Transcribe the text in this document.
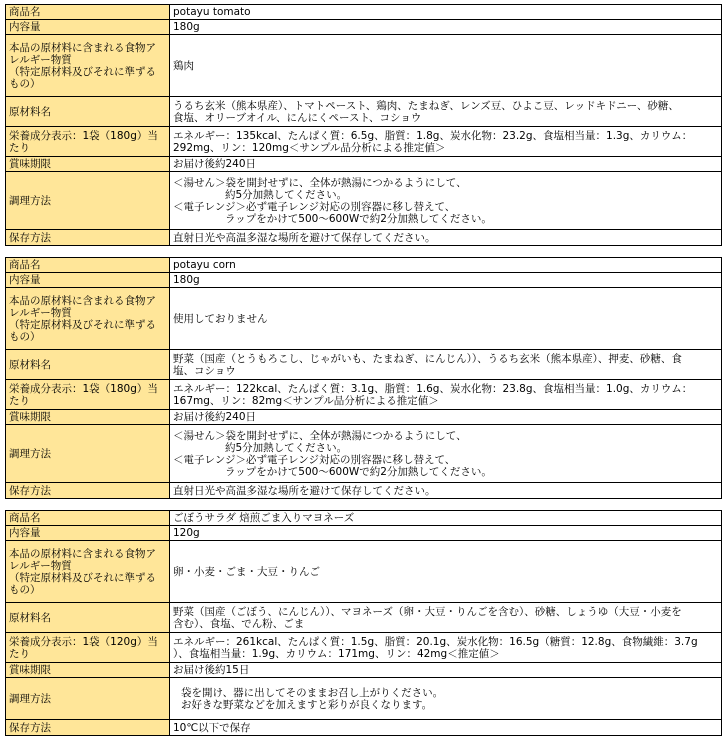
商品名	potayu tomato
内容量	180g

本品の原材料に含まれる食物ア
レルギー物質
（特定原材料及びそれに準ずる
もの）	鶏肉
原材料名	うるち玄米（熊本県産）、トマトペースト、鶏肉、たまねぎ、レンズ豆、ひよこ豆、レッドキドニー、砂糖、
食塩、オリーブオイル、にんにくペースト、コショウ

栄養成分表示：1袋（180g）当
たり	エネルギー：135kcal、たんぱく質：6.5g、脂質：1.8g、炭水化物：23.2g、食塩相当量：1.3g、カリウム：
292mg、リン：120mg＜サンプル品分析による推定値＞

賞味期限	お届け後約240日
調理方法	＜湯せん＞袋を開封せずに、全体が熱湯につかるようにして、
約5分加熱してください。
＜電子レンジ＞必ず電子レンジ対応の別容器に移し替えて、
ラップをかけて500～600Wで約2分加熱してください。

保存方法	直射日光や高温多湿な場所を避けて保存してください。
商品名	potayu corn
内容量	180g

本品の原材料に含まれる食物ア
レルギー物質
（特定原材料及びそれに準ずる
もの）	使用しておりません
原材料名	野菜（国産（とうもろこし、じゃがいも、たまねぎ、にんじん））、うるち玄米（熊本県産）、押麦、砂糖、食
塩、コショウ

栄養成分表示：1袋（180g）当
たり	エネルギー：122kcal、たんぱく質：3.1g、脂質：1.6g、炭水化物：23.8g、食塩相当量：1.0g、カリウム：
167mg、リン：82mg＜サンプル品分析による推定値＞

賞味期限	お届け後約240日
調理方法	＜湯せん＞袋を開封せずに、全体が熱湯につかるようにして、
約5分加熱してください。
＜電子レンジ＞必ず電子レンジ対応の別容器に移し替えて、
ラップをかけて500～600Wで約2分加熱してください。

保存方法	直射日光や高温多湿な場所を避けて保存してください。
商品名	ごぼうサラダ 焙煎ごま入りマヨネーズ
内容量	120g

本品の原材料に含まれる食物ア
レルギー物質
（特定原材料及びそれに準ずる
もの）	卵・小麦・ごま・大豆・りんご
原材料名	野菜（国産（ごぼう、にんじん））、マヨネーズ（卵・大豆・りんごを含む）、砂糖、しょうゆ（大豆・小麦を
含む）、食塩、でん粉、ごま

栄養成分表示：1袋（120g）当
たり	エネルギー：261kcal、たんぱく質：1.5g、脂質：20.1g、炭水化物：16.5g（糖質：12.8g、食物繊維：3.7g
）、食塩相当量：1.9g、カリウム：171mg、リン：42mg＜推定値＞

賞味期限	お届け後約15日
調理方法	袋を開け、器に出してそのままお召し上がりください。
お好きな野菜などを加えますと彩りが良くなります。

保存方法	10℃以下で保存
